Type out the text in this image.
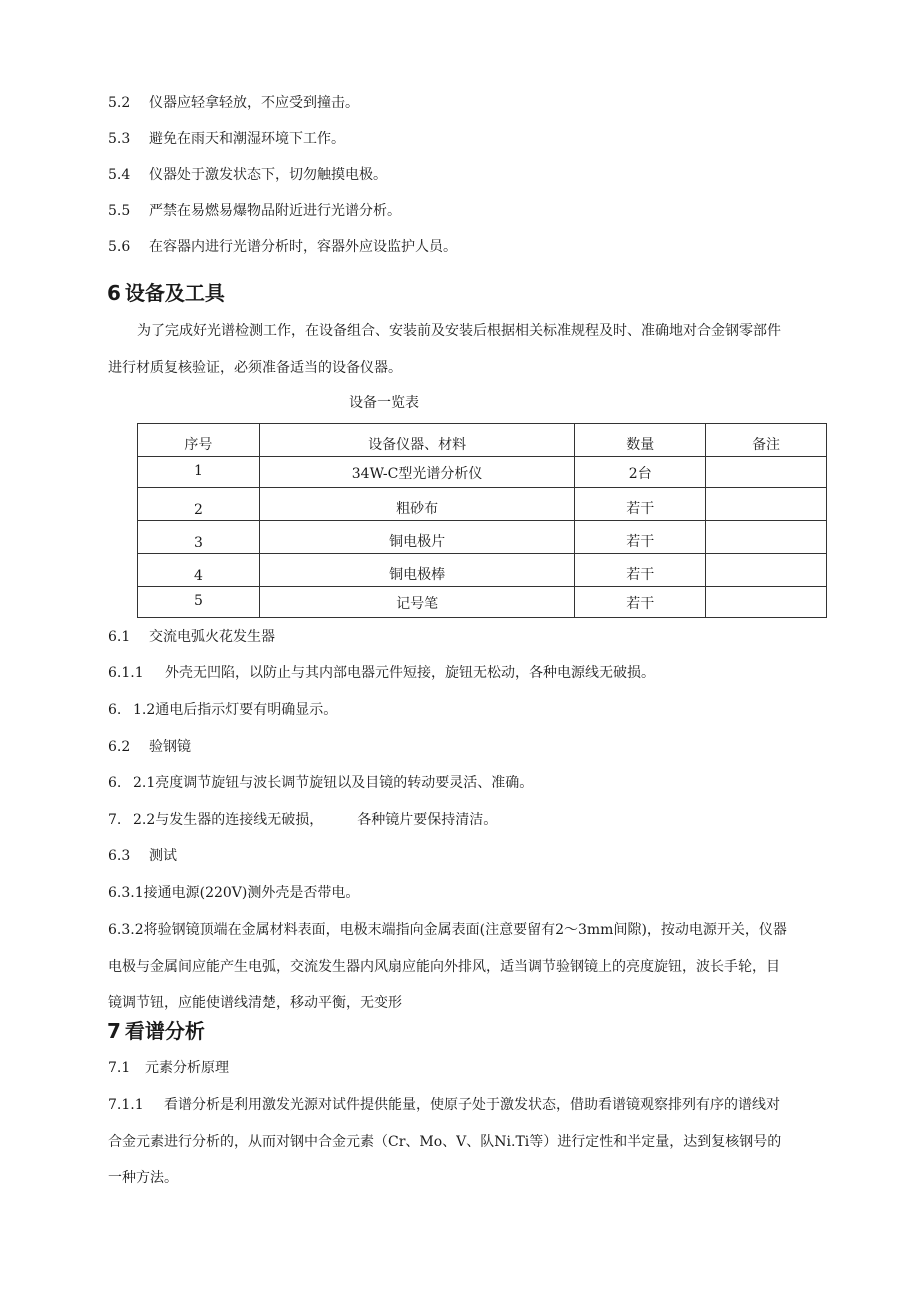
5.2 仪器应轻拿轻放，不应受到撞击。
5.3 避免在雨天和潮湿环境下工作。
5.4 仪器处于激发状态下，切勿触摸电极。
5.5 严禁在易燃易爆物品附近进行光谱分析。
5.6 在容器内进行光谱分析时，容器外应设监护人员。
6 设备及工具
为了完成好光谱检测工作，在设备组合、安装前及安装后根据相关标准规程及时、准确地对合金钢零部件
进行材质复核验证，必须准备适当的设备仪器。
设备一览表
序号	设备仪器、材料	数量	备注
1	34W-C型光谱分析仪	2台	
2	粗砂布	若干	
3	铜电极片	若干	
4	铜电极棒	若干	
5	记号笔	若干	
6.1 交流电弧火花发生器
6.1.1 外壳无凹陷，以防止与其内部电器元件短接，旋钮无松动，各种电源线无破损。
6. 1.2通电后指示灯要有明确显示。
6.2 验钢镜
6. 2.1亮度调节旋钮与波长调节旋钮以及目镜的转动要灵活、准确。
7. 2.2与发生器的连接线无破损， 各种镜片要保持清洁。
6.3 测试
6.3.1接通电源(220V)测外壳是否带电。
6.3.2将验钢镜顶端在金属材料表面，电极末端指向金属表面(注意要留有2～3mm间隙)，按动电源开关，仪器
电极与金属间应能产生电弧，交流发生器内风扇应能向外排风，适当调节验钢镜上的亮度旋钮，波长手轮，目
镜调节钮，应能使谱线清楚，移动平衡，无变形
7 看谱分析
7.1 元素分析原理
7.1.1 看谱分析是利用激发光源对试件提供能量，使原子处于激发状态，借助看谱镜观察排列有序的谱线对
合金元素进行分析的，从而对钢中合金元素（Cr、Mo、V、队Ni.Ti等）进行定性和半定量，达到复核钢号的
一种方法。
